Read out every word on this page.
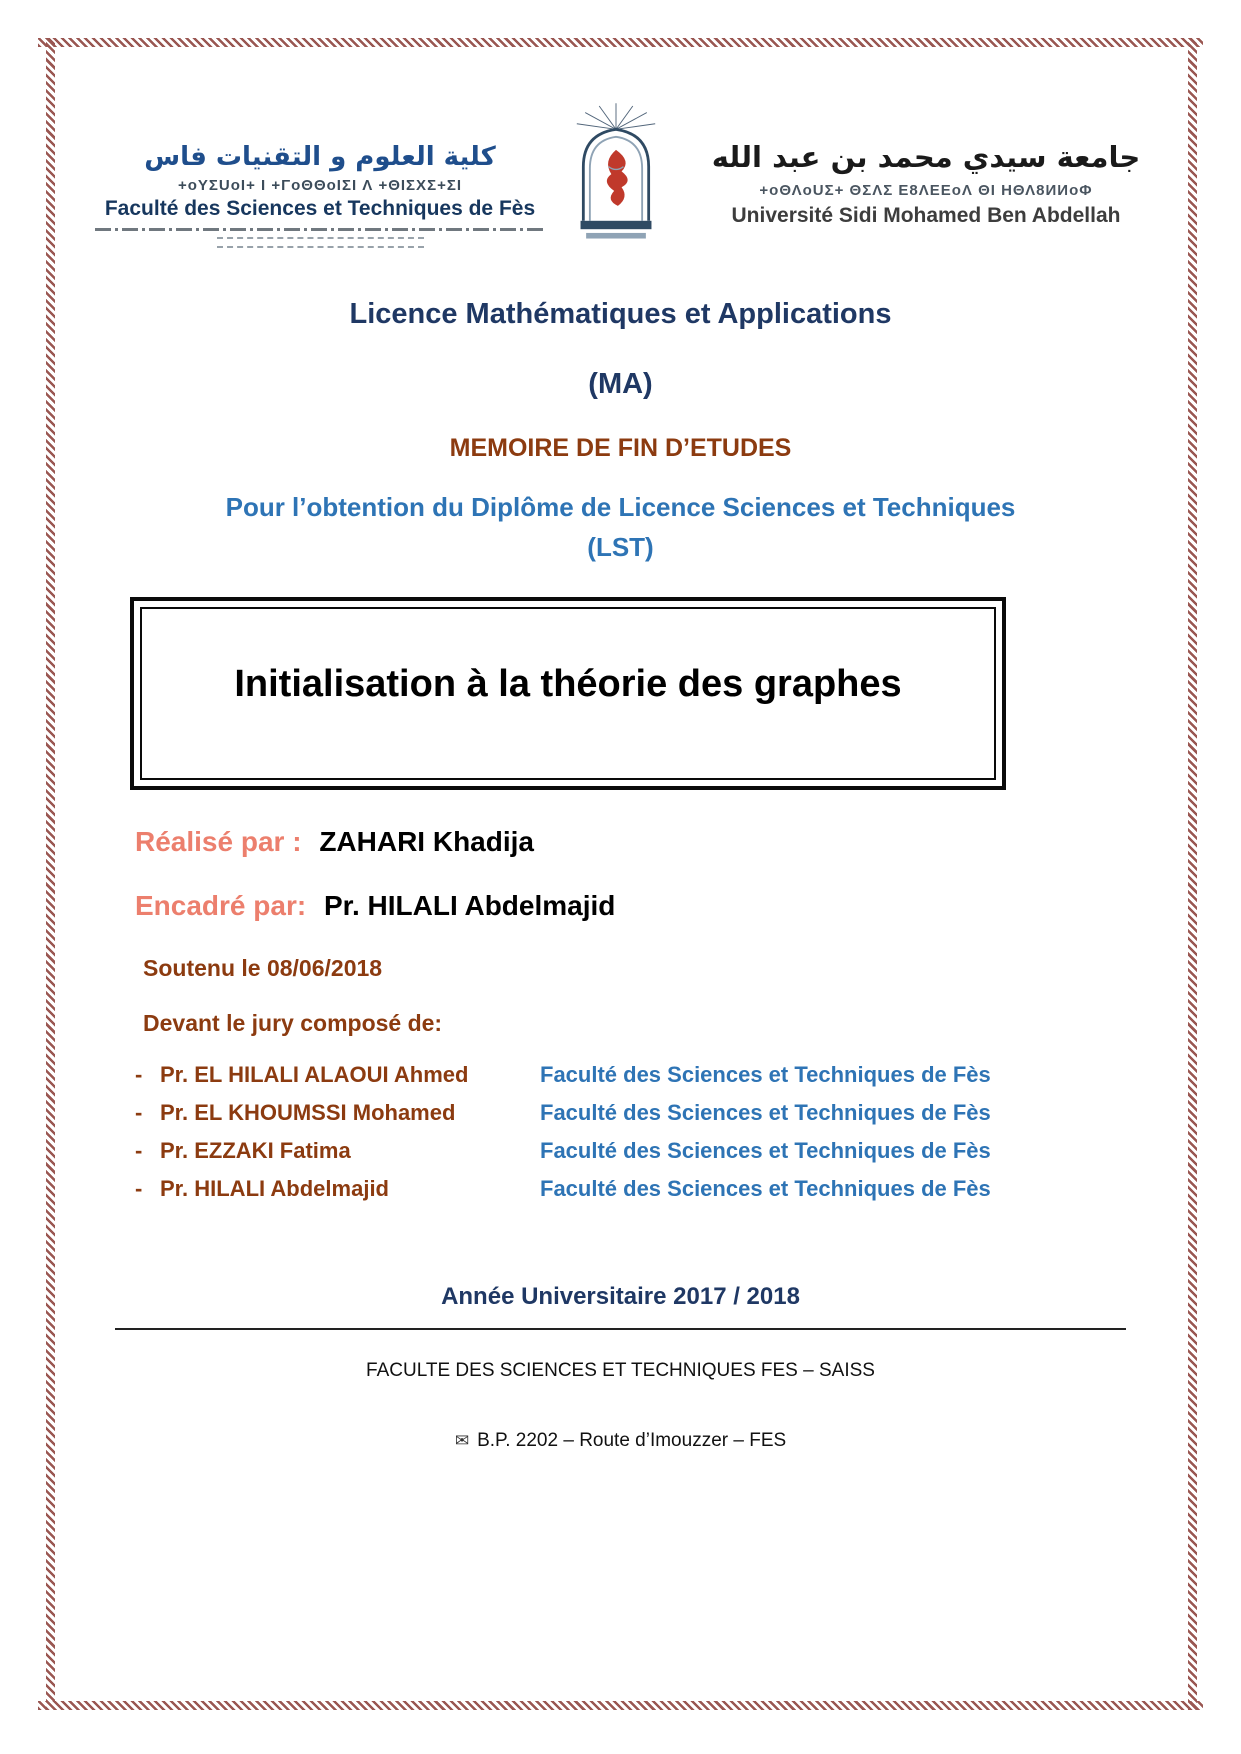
كلية العلوم و التقنيات فاس
+oYΣUoI+ I +ΓoΘΘoIΣI Λ +ΘIΣΧΣ+ΣI
Faculté des Sciences et Techniques de Fès
جامعة سيدي محمد بن عبد الله
+oΘΛoUΣ+ ΘΣΛΣ Ε8ΛΕΕoΛ ΘI HΘΛ8ИИoΦ
Université Sidi Mohamed Ben Abdellah
Licence Mathématiques et Applications
(MA)
MEMOIRE DE FIN D’ETUDES
Pour l’obtention du Diplôme de Licence Sciences et Techniques
(LST)
Initialisation à la théorie des graphes
Réalisé par : ZAHARI Khadija
Encadré par: Pr. HILALI Abdelmajid
Soutenu le 08/06/2018
Devant le jury composé de:
- Pr. EL HILALI ALAOUI Ahmed	Faculté des Sciences et Techniques de Fès
- Pr. EL KHOUMSSI Mohamed	Faculté des Sciences et Techniques de Fès
- Pr. EZZAKI Fatima	Faculté des Sciences et Techniques de Fès
- Pr. HILALI Abdelmajid	Faculté des Sciences et Techniques de Fès
Année Universitaire 2017 / 2018
FACULTE DES SCIENCES ET TECHNIQUES FES – SAISS
✉ B.P. 2202 – Route d’Imouzzer – FES
